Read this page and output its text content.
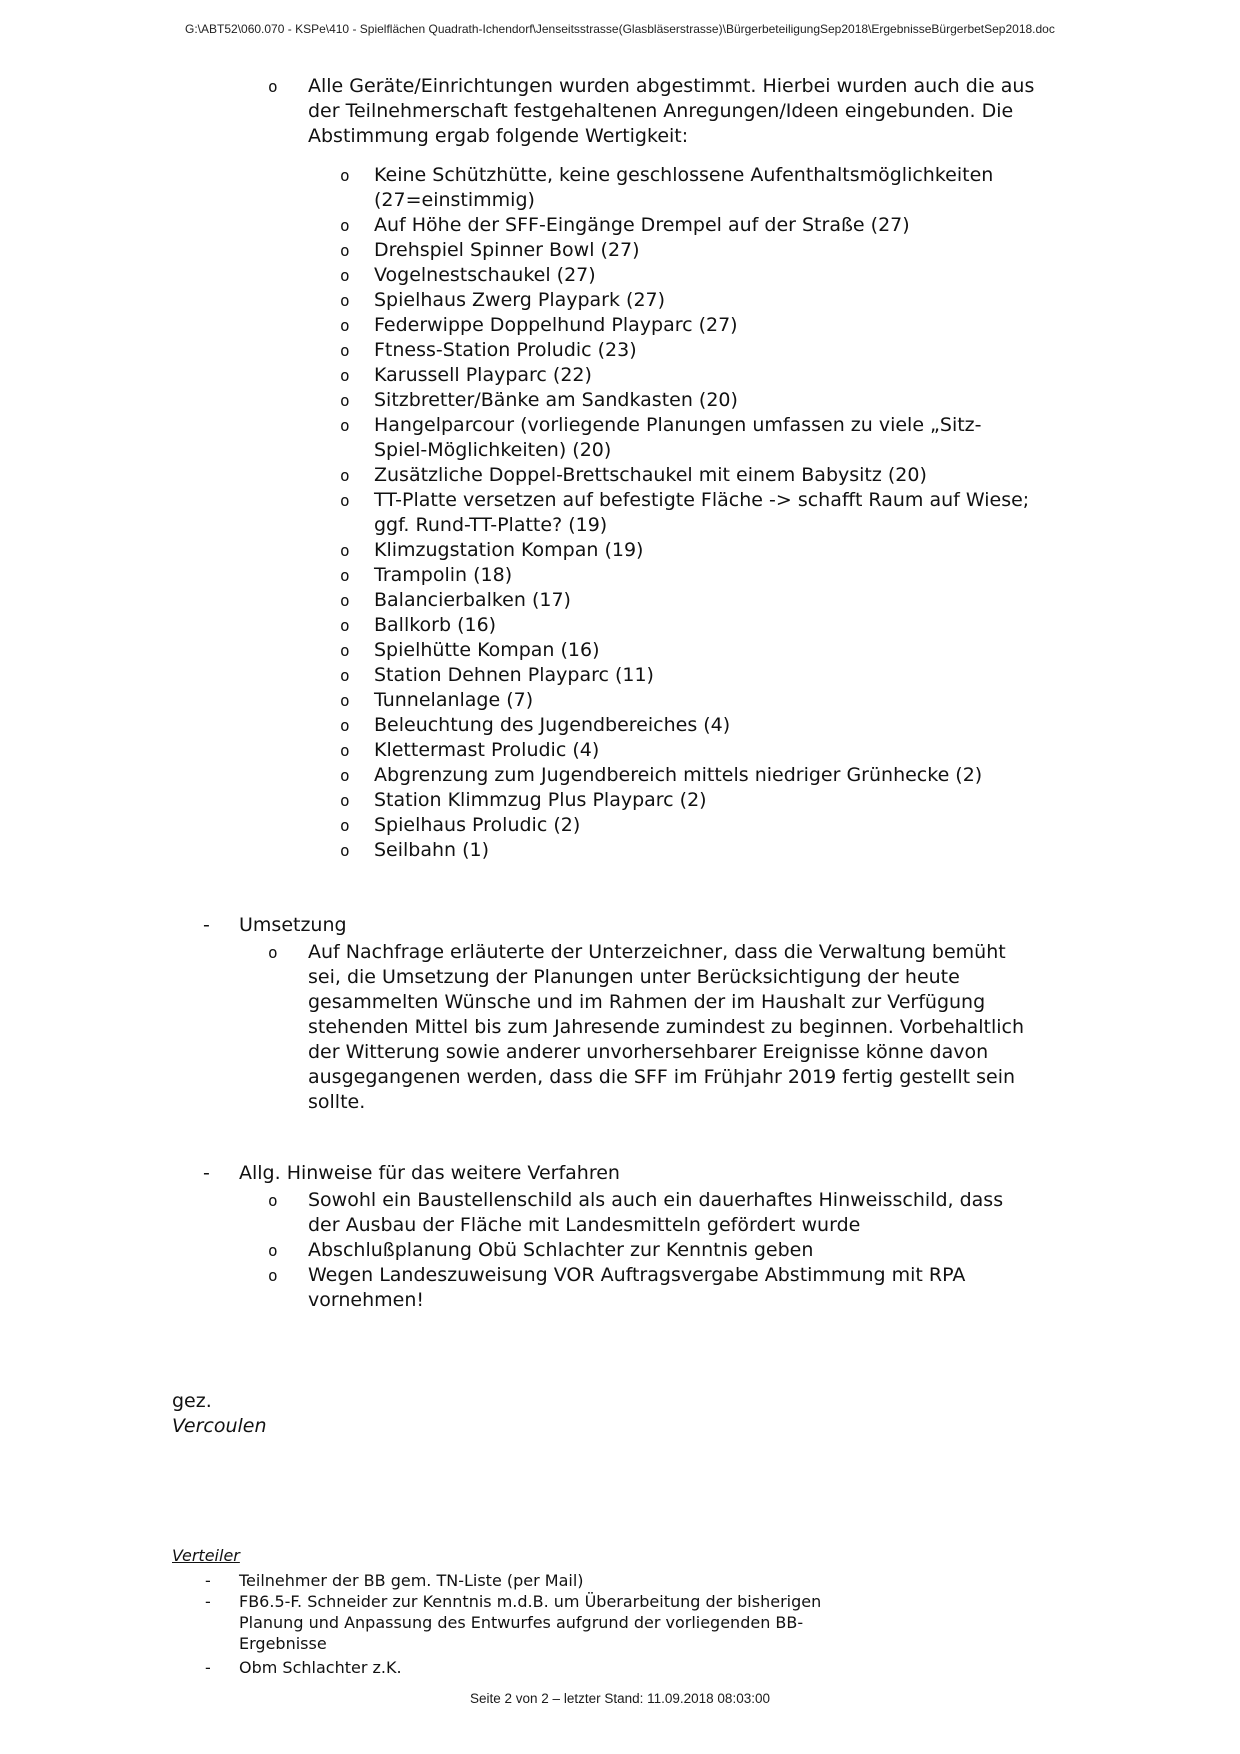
G:\ABT52\060.070 - KSPe\410 - Spielflächen Quadrath-Ichendorf\Jenseitsstrasse(Glasbläserstrasse)\BürgerbeteiligungSep2018\ErgebnisseBürgerbetSep2018.doc
o	Alle Geräte/Einrichtungen wurden abgestimmt. Hierbei wurden auch die aus der Teilnehmerschaft festgehaltenen Anregungen/Ideen eingebunden. Die Abstimmung ergab folgende Wertigkeit:
o	Keine Schützhütte, keine geschlossene Aufenthaltsmöglichkeiten (27=einstimmig)
o	Auf Höhe der SFF-Eingänge Drempel auf der Straße (27)
o	Drehspiel Spinner Bowl (27)
o	Vogelnestschaukel (27)
o	Spielhaus Zwerg Playpark (27)
o	Federwippe Doppelhund Playparc (27)
o	Ftness-Station Proludic (23)
o	Karussell Playparc (22)
o	Sitzbretter/Bänke am Sandkasten (20)
o	Hangelparcour (vorliegende Planungen umfassen zu viele „Sitz-Spiel-Möglichkeiten) (20)
o	Zusätzliche Doppel-Brettschaukel mit einem Babysitz (20)
o	TT-Platte versetzen auf befestigte Fläche -> schafft Raum auf Wiese; ggf. Rund-TT-Platte? (19)
o	Klimzugstation Kompan (19)
o	Trampolin (18)
o	Balancierbalken (17)
o	Ballkorb (16)
o	Spielhütte Kompan (16)
o	Station Dehnen Playparc (11)
o	Tunnelanlage (7)
o	Beleuchtung des Jugendbereiches (4)
o	Klettermast Proludic (4)
o	Abgrenzung zum Jugendbereich mittels niedriger Grünhecke (2)
o	Station Klimmzug Plus Playparc (2)
o	Spielhaus Proludic (2)
o	Seilbahn (1)
-	Umsetzung
o	Auf Nachfrage erläuterte der Unterzeichner, dass die Verwaltung bemüht sei, die Umsetzung der Planungen unter Berücksichtigung der heute gesammelten Wünsche und im Rahmen der im Haushalt zur Verfügung stehenden Mittel bis zum Jahresende zumindest zu beginnen. Vorbehaltlich der Witterung sowie anderer unvorhersehbarer Ereignisse könne davon ausgegangenen werden, dass die SFF im Frühjahr 2019 fertig gestellt sein sollte.
-	Allg. Hinweise für das weitere Verfahren
o	Sowohl ein Baustellenschild als auch ein dauerhaftes Hinweisschild, dass der Ausbau der Fläche mit Landesmitteln gefördert wurde
o	Abschlußplanung Obü Schlachter zur Kenntnis geben
o	Wegen Landeszuweisung VOR Auftragsvergabe Abstimmung mit RPA vornehmen!
gez.
Vercoulen
Verteiler
-	Teilnehmer der BB gem. TN-Liste (per Mail)
-	FB6.5-F. Schneider zur Kenntnis m.d.B. um Überarbeitung der bisherigen Planung und Anpassung des Entwurfes aufgrund der vorliegenden BB-Ergebnisse
-	Obm Schlachter z.K.
Seite 2 von 2 – letzter Stand: 11.09.2018 08:03:00
